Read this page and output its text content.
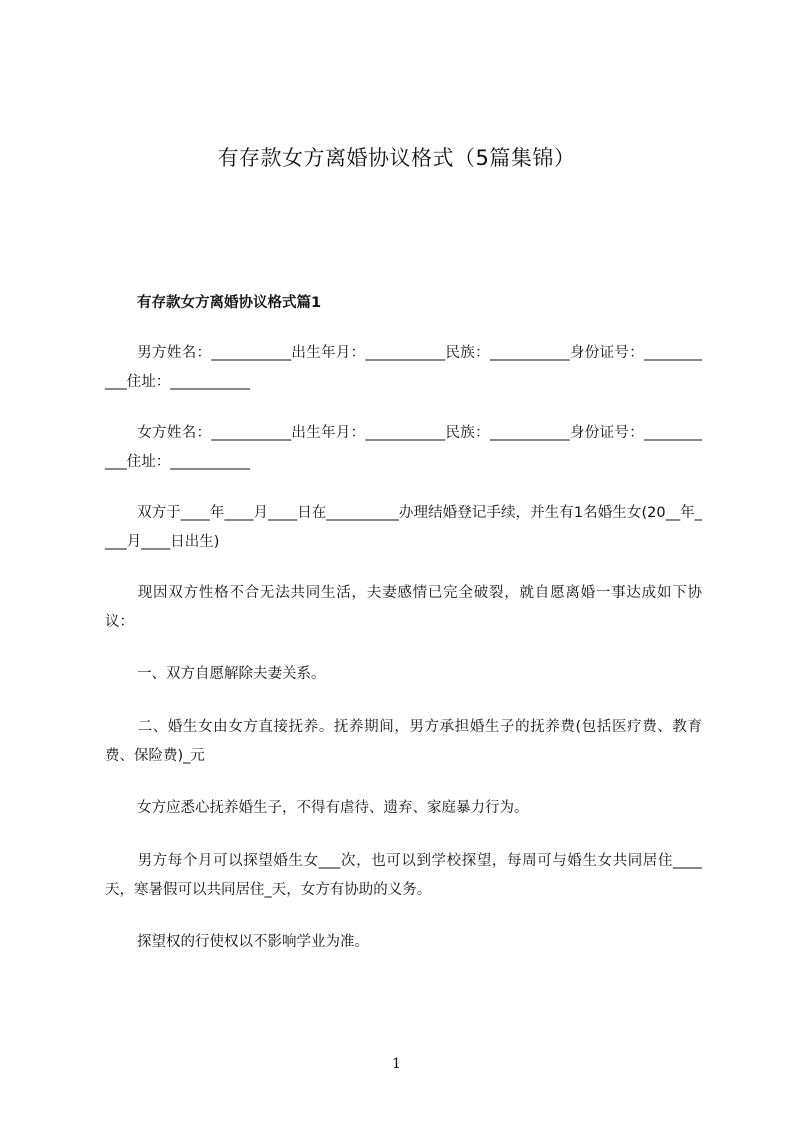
有存款女方离婚协议格式（5篇集锦）
有存款女方离婚协议格式篇1

男方姓名：___________出生年月：___________民族：___________身份证号：___________住址：___________

女方姓名：___________出生年月：___________民族：___________身份证号：___________住址：___________

双方于____年____月____日在__________办理结婚登记手续，并生有1名婚生女(20__年____月____日出生)

现因双方性格不合无法共同生活，夫妻感情已完全破裂，就自愿离婚一事达成如下协议：

一、双方自愿解除夫妻关系。

二、婚生女由女方直接抚养。抚养期间，男方承担婚生子的抚养费(包括医疗费、教育费、保险费)_元

女方应悉心抚养婚生子，不得有虐待、遗弃、家庭暴力行为。

男方每个月可以探望婚生女___次，也可以到学校探望，每周可与婚生女共同居住____天，寒暑假可以共同居住_天，女方有协助的义务。

探望权的行使权以不影响学业为准。

1
